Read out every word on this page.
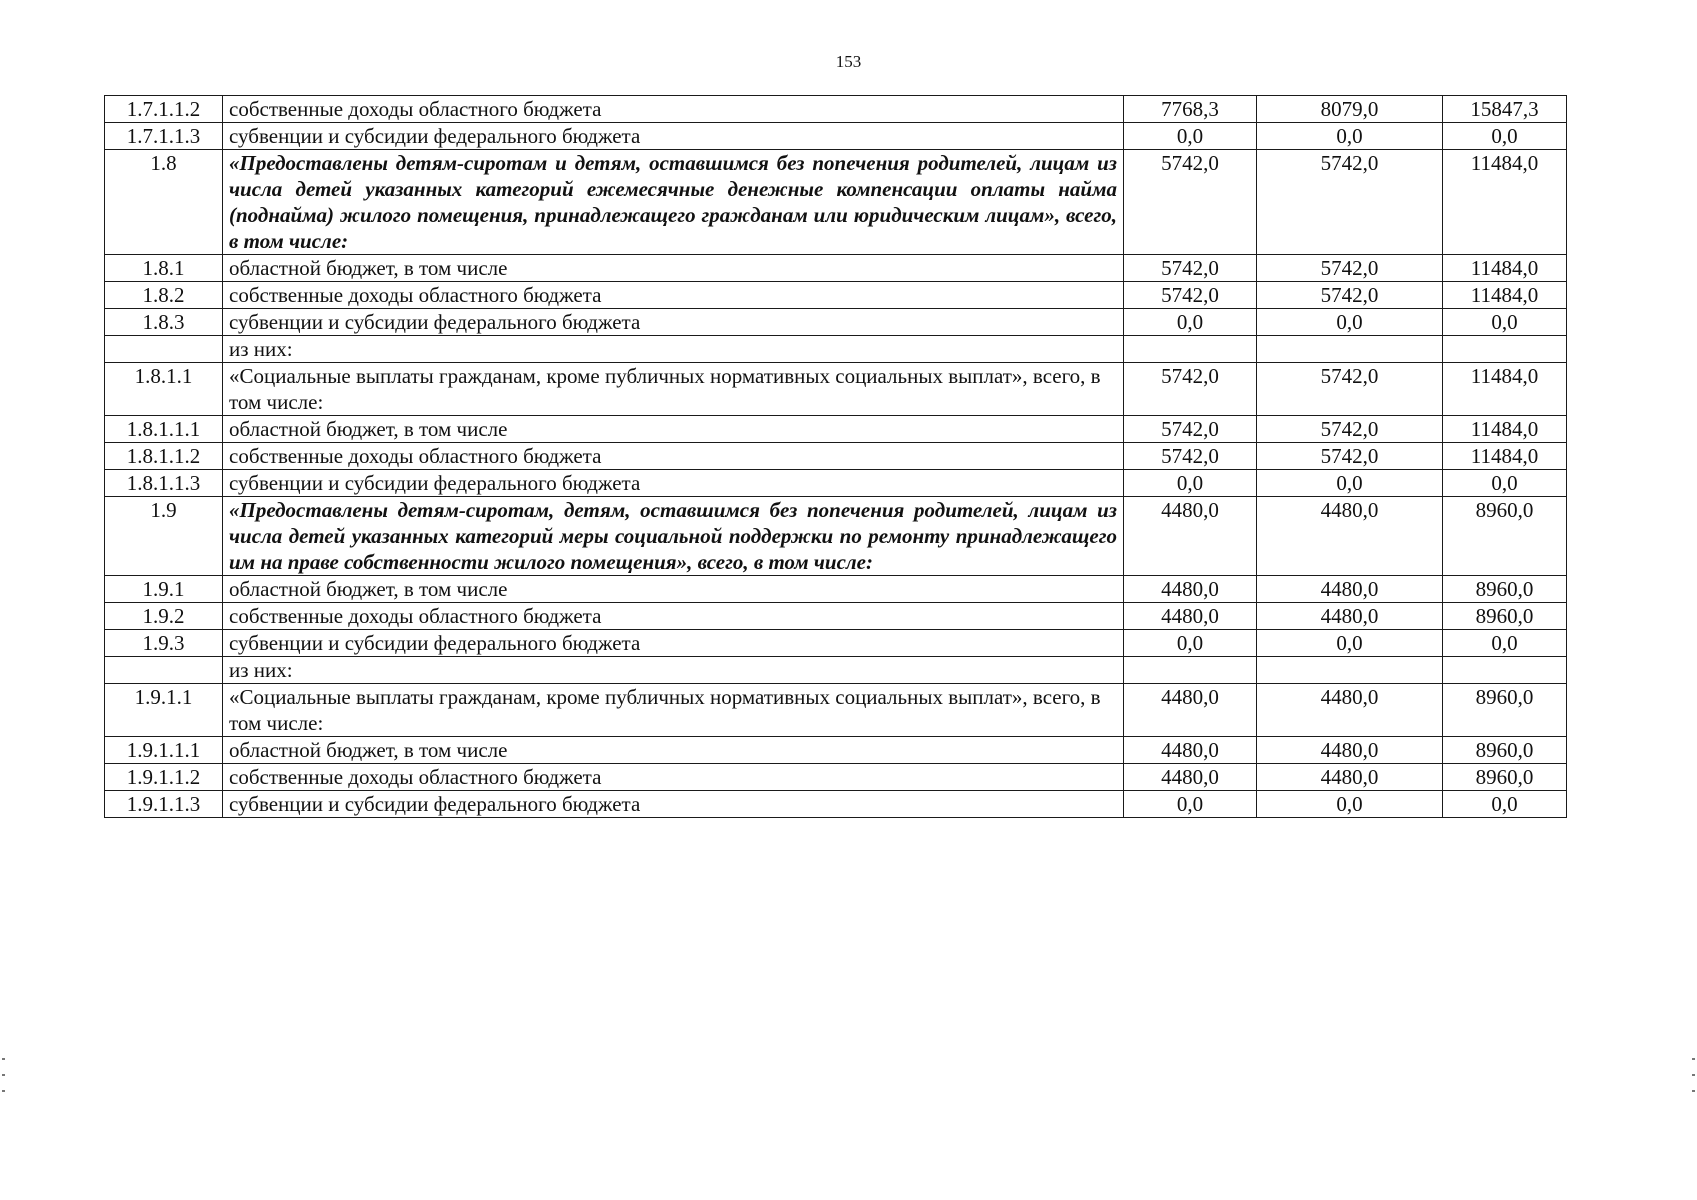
153
1.7.1.1.2	собственные доходы областного бюджета	7768,3	8079,0	15847,3
1.7.1.1.3	субвенции и субсидии федерального бюджета	0,0	0,0	0,0
1.8	«Предоставлены детям-сиротам и детям, оставшимся без попечения родителей, лицам из числа детей указанных категорий ежемесячные денежные компенсации оплаты найма (поднайма) жилого помещения, принадлежащего гражданам или юридическим лицам», всего, в том числе:	5742,0	5742,0	11484,0
1.8.1	областной бюджет, в том числе	5742,0	5742,0	11484,0
1.8.2	собственные доходы областного бюджета	5742,0	5742,0	11484,0
1.8.3	субвенции и субсидии федерального бюджета	0,0	0,0	0,0
	из них:			
1.8.1.1	«Социальные выплаты гражданам, кроме публичных нормативных социальных выплат», всего, в том числе:	5742,0	5742,0	11484,0
1.8.1.1.1	областной бюджет, в том числе	5742,0	5742,0	11484,0
1.8.1.1.2	собственные доходы областного бюджета	5742,0	5742,0	11484,0
1.8.1.1.3	субвенции и субсидии федерального бюджета	0,0	0,0	0,0
1.9	«Предоставлены детям-сиротам, детям, оставшимся без попечения родителей, лицам из числа детей указанных категорий меры социальной поддержки по ремонту принадлежащего им на праве собственности жилого помещения», всего, в том числе:	4480,0	4480,0	8960,0
1.9.1	областной бюджет, в том числе	4480,0	4480,0	8960,0
1.9.2	собственные доходы областного бюджета	4480,0	4480,0	8960,0
1.9.3	субвенции и субсидии федерального бюджета	0,0	0,0	0,0
	из них:			
1.9.1.1	«Социальные выплаты гражданам, кроме публичных нормативных социальных выплат», всего, в том числе:	4480,0	4480,0	8960,0
1.9.1.1.1	областной бюджет, в том числе	4480,0	4480,0	8960,0
1.9.1.1.2	собственные доходы областного бюджета	4480,0	4480,0	8960,0
1.9.1.1.3	субвенции и субсидии федерального бюджета	0,0	0,0	0,0
